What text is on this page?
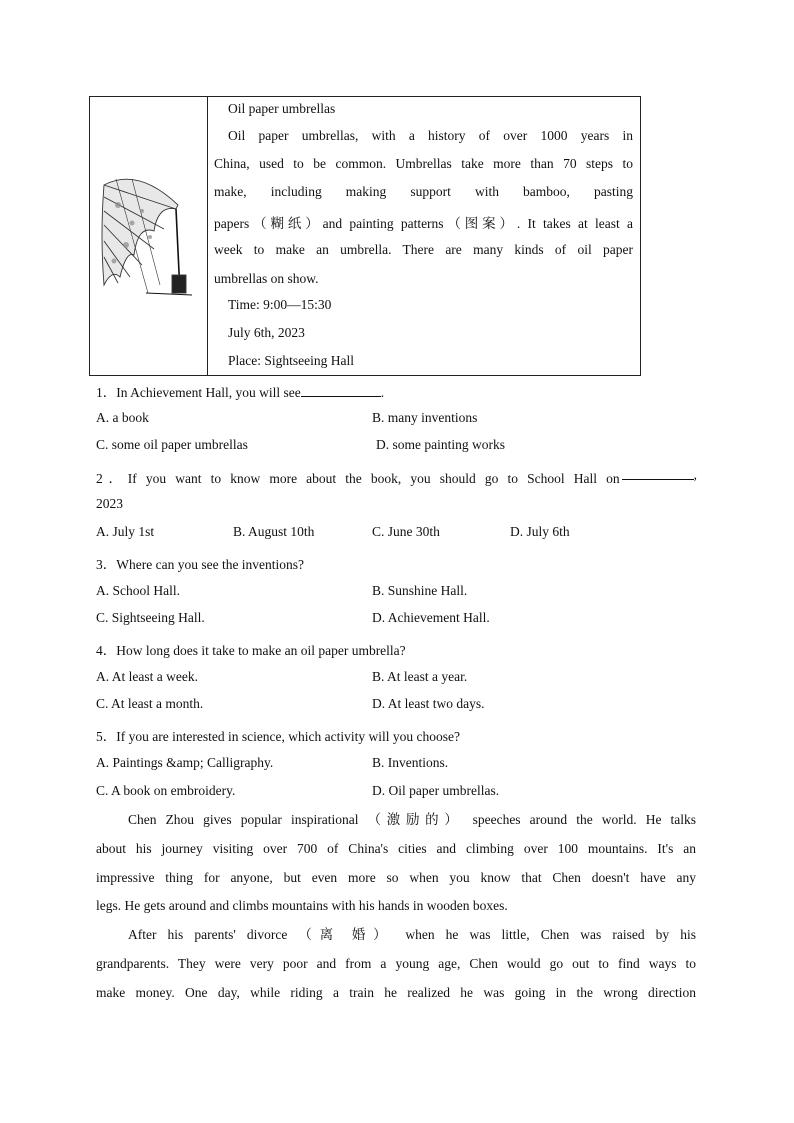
Oil paper umbrellas
Oil paper umbrellas, with a history of over 1000 years in
China, used to be common. Umbrellas take more than 70 steps to
make, including making support with bamboo, pasting
papers（糊纸）and painting patterns（图案）. It takes at least a
week to make an umbrella. There are many kinds of oil paper
umbrellas on show.
Time: 9:00—15:30
July 6th, 2023
Place: Sightseeing Hall
1．In Achievement Hall, you will see	.
A. a book	B. many inventions
C. some oil paper umbrellas	D. some painting works
2．If you want to know more about the book, you should go to School Hall on	,
2023
A. July 1st	B. August 10th	C. June 30th	D. July 6th
3．Where can you see the inventions?
A. School Hall.	B. Sunshine Hall.
C. Sightseeing Hall.	D. Achievement Hall.
4．How long does it take to make an oil paper umbrella?
A. At least a week.	B. At least a year.
C. At least a month.	D. At least two days.
5．If you are interested in science, which activity will you choose?
A. Paintings &amp; Calligraphy.	B. Inventions.
C. A book on embroidery.	D. Oil paper umbrellas.
Chen Zhou gives popular inspirational （激励的） speeches around the world. He talks
about his journey visiting over 700 of China's cities and climbing over 100 mountains. It's an
impressive thing for anyone, but even more so when you know that Chen doesn't have any
legs. He gets around and climbs mountains with his hands in wooden boxes.
After his parents' divorce （离 婚） when he was little, Chen was raised by his
grandparents. They were very poor and from a young age, Chen would go out to find ways to
make money. One day, while riding a train he realized he was going in the wrong direction
